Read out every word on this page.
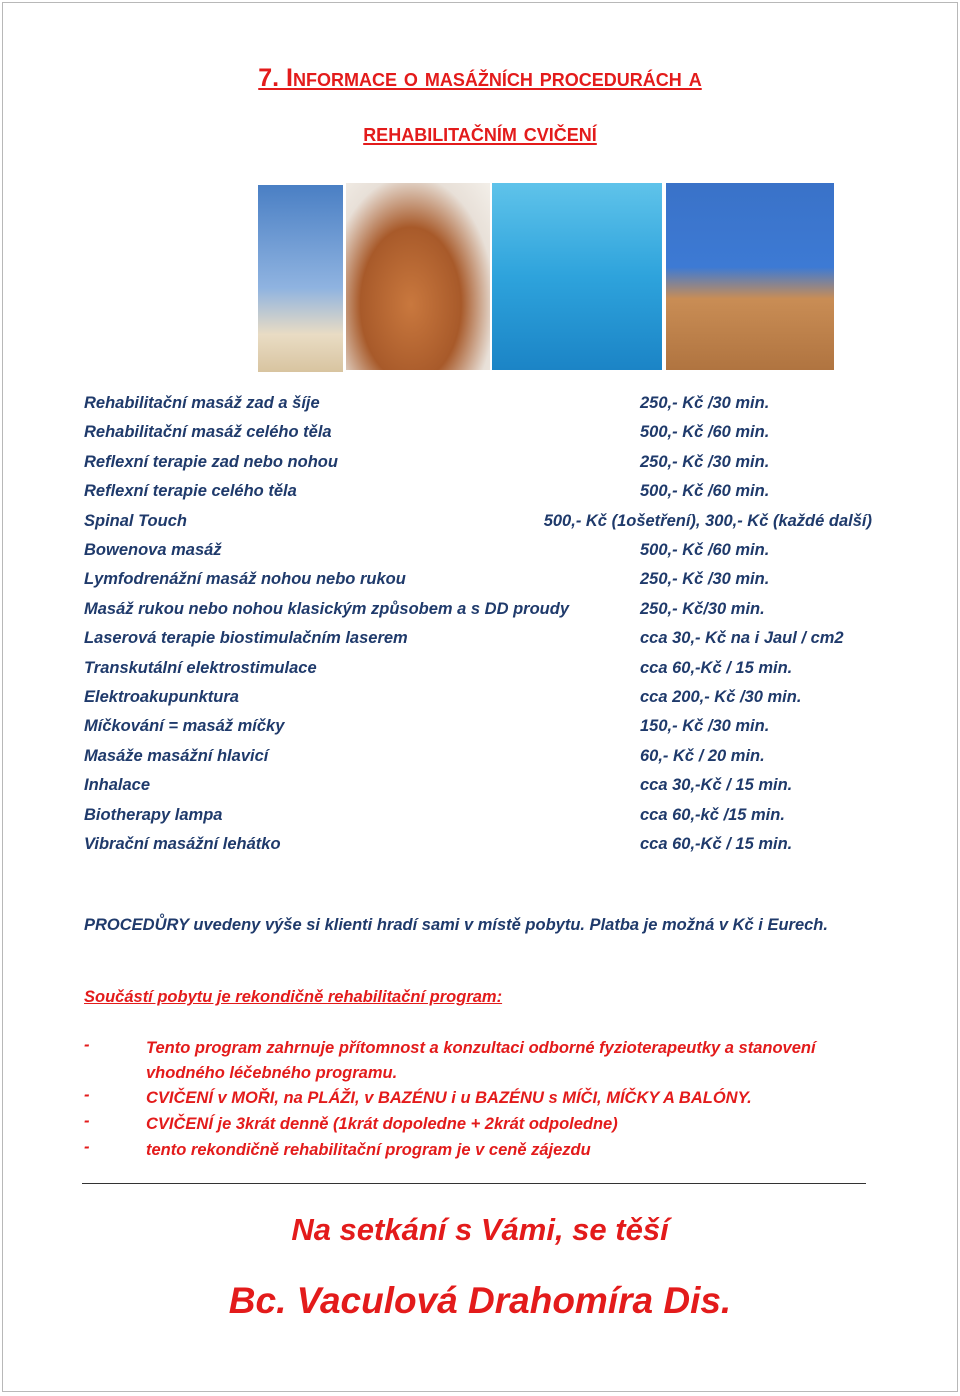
7. Informace o masážních procedurách a
rehabilitačním cvičení
Rehabilitační masáž zad a šíje	250,- Kč /30 min.
Rehabilitační masáž celého těla	500,- Kč /60 min.
Reflexní terapie zad nebo nohou	250,- Kč /30 min.
Reflexní terapie celého těla	500,- Kč /60 min.
Spinal Touch	500,- Kč (1ošetření), 300,- Kč (každé další)
Bowenova masáž	500,- Kč /60 min.
Lymfodrenážní masáž nohou nebo rukou	250,- Kč /30 min.
Masáž rukou nebo nohou klasickým způsobem a s DD proudy	250,- Kč/30 min.
Laserová terapie biostimulačním laserem	cca 30,- Kč na i Jaul / cm2
Transkutální elektrostimulace	cca 60,-Kč / 15 min.
Elektroakupunktura	cca 200,- Kč /30 min.
Míčkování = masáž míčky	150,- Kč /30 min.
Masáže masážní hlavicí	60,- Kč / 20 min.
Inhalace	cca 30,-Kč / 15 min.
Biotherapy lampa	cca 60,-kč /15 min.
Vibrační masážní lehátko	cca 60,-Kč / 15 min.
PROCEDŮRY uvedeny výše si klienti hradí sami v místě pobytu. Platba je možná v Kč i Eurech.
Součástí pobytu je rekondičně rehabilitační program:
-	Tento program zahrnuje přítomnost a konzultaci odborné fyzioterapeutky a stanovení vhodného léčebného programu.
-	CVIČENÍ v MOŘI, na PLÁŽI, v BAZÉNU i u BAZÉNU s MÍČI, MÍČKY A BALÓNY.
-	CVIČENÍ je 3krát denně (1krát dopoledne + 2krát odpoledne)
-	tento rekondičně rehabilitační program je v ceně zájezdu
Na setkání s Vámi, se těší
Bc. Vaculová Drahomíra Dis.
